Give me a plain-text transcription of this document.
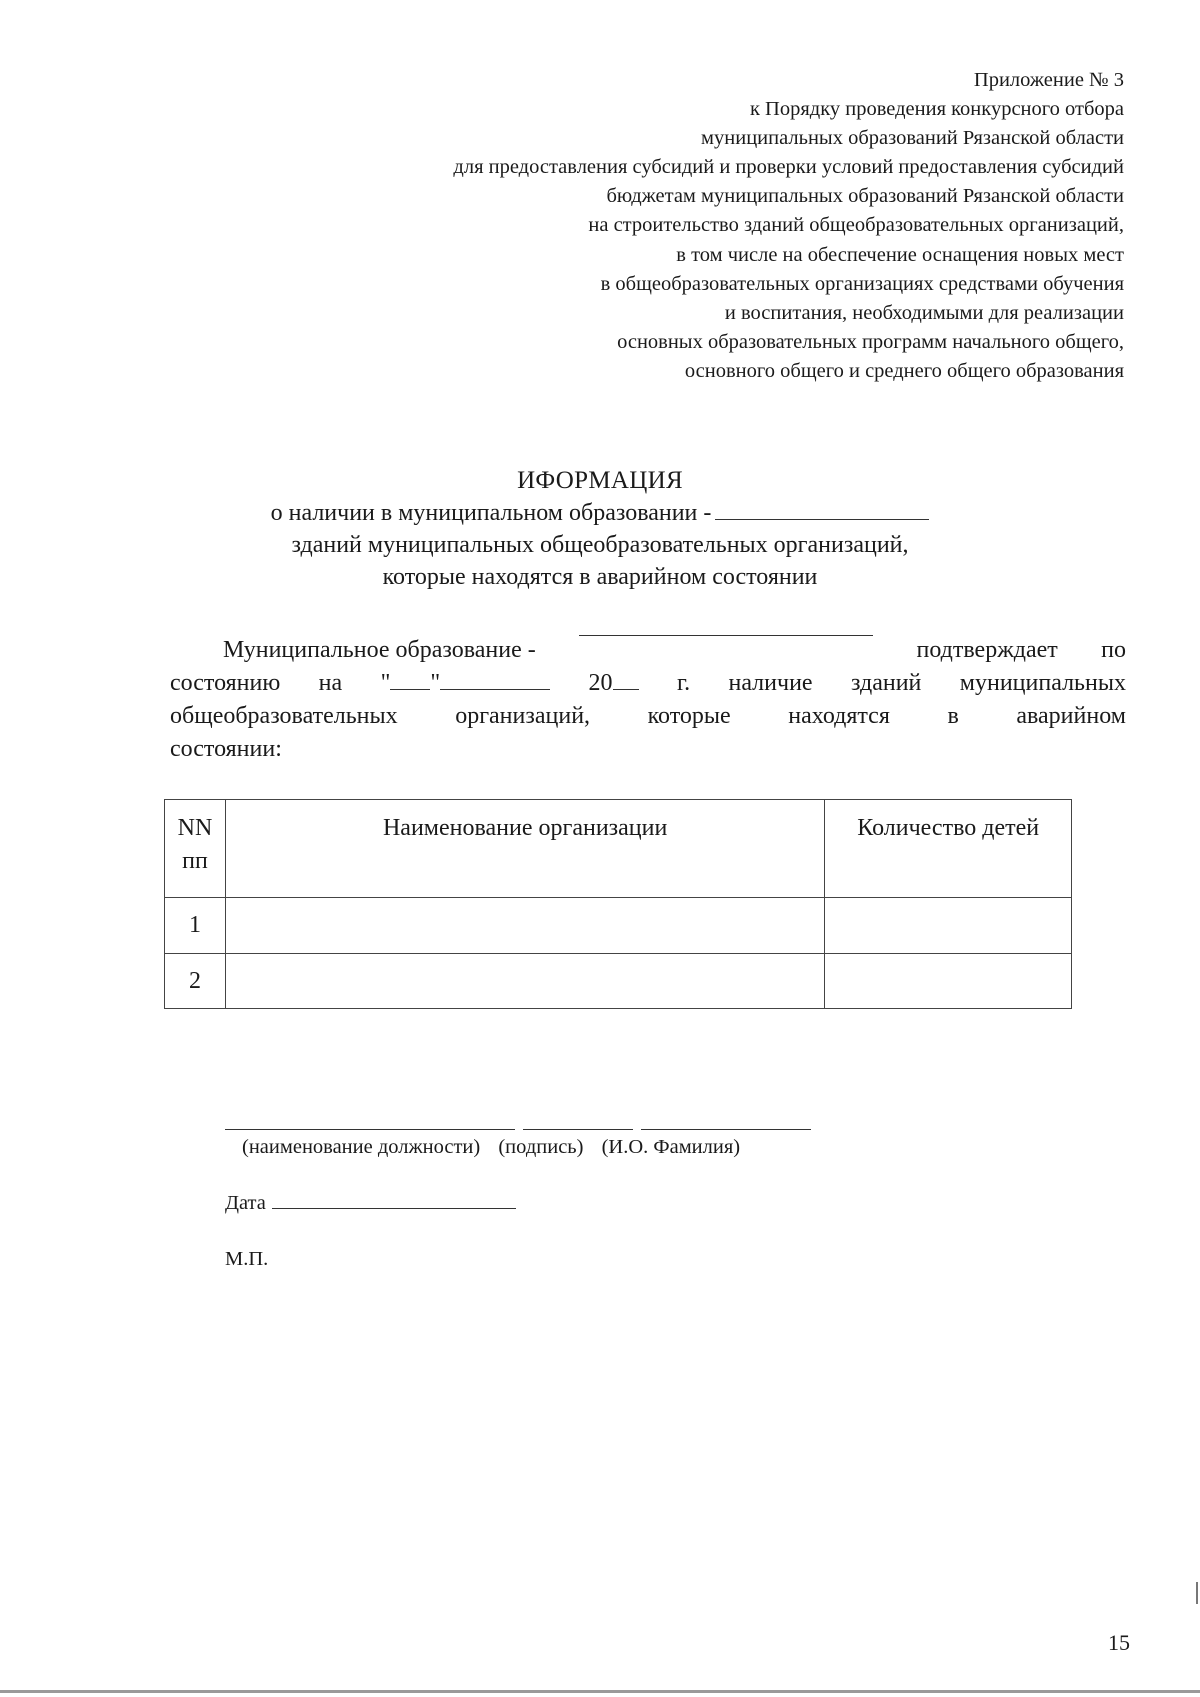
Приложение № 3
к Порядку проведения конкурсного отбора
муниципальных образований Рязанской области
для предоставления субсидий и проверки условий предоставления субсидий
бюджетам муниципальных образований Рязанской области
на строительство зданий общеобразовательных организаций,
в том числе на обеспечение оснащения новых мест
в общеобразовательных организациях средствами обучения
и воспитания, необходимыми для реализации
основных образовательных программ начального общего,
основного общего и среднего общего образования
ИФОРМАЦИЯ
о наличии в муниципальном образовании -
зданий муниципальных общеобразовательных организаций,
которые находятся в аварийном состоянии
Муниципальное образование -	подтверждает по
состоянию на " "	20	г. наличие зданий муниципальных
общеобразовательных организаций, которые находятся в аварийном
состоянии:
NN
пп	Наименование организации	Количество детей
1		
2		
(наименование должности) (подпись) (И.О. Фамилия)
Дата
М.П.
15
